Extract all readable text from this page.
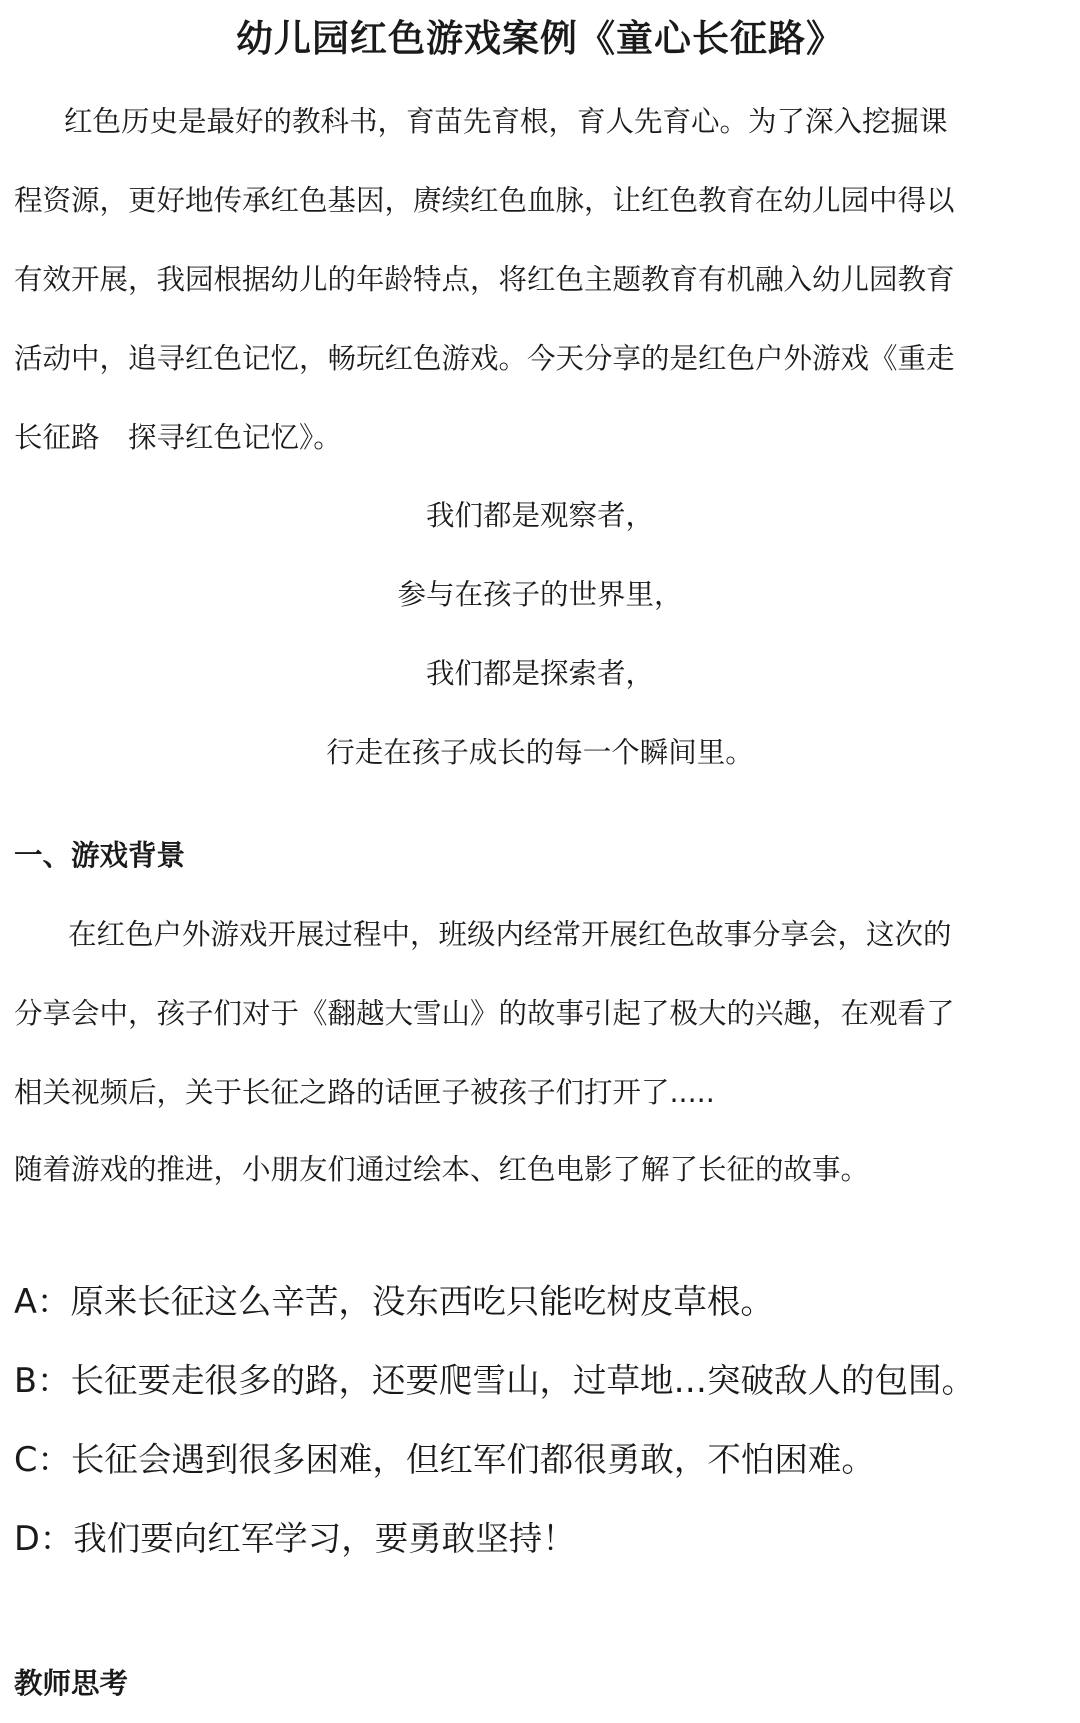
幼儿园红色游戏案例《童心长征路》

红色历史是最好的教科书，育苗先育根，育人先育心。为了深入挖掘课
程资源，更好地传承红色基因，赓续红色血脉，让红色教育在幼儿园中得以
有效开展，我园根据幼儿的年龄特点，将红色主题教育有机融入幼儿园教育
活动中，追寻红色记忆，畅玩红色游戏。今天分享的是红色户外游戏《重走
长征路　探寻红色记忆》。

我们都是观察者，
参与在孩子的世界里，
我们都是探索者，
行走在孩子成长的每一个瞬间里。
一、游戏背景

在红色户外游戏开展过程中，班级内经常开展红色故事分享会，这次的
分享会中，孩子们对于《翻越大雪山》的故事引起了极大的兴趣，在观看了
相关视频后，关于长征之路的话匣子被孩子们打开了.....

随着游戏的推进，小朋友们通过绘本、红色电影了解了长征的故事。

A：原来长征这么辛苦，没东西吃只能吃树皮草根。
B：长征要走很多的路，还要爬雪山，过草地…突破敌人的包围。
C：长征会遇到很多困难，但红军们都很勇敢，不怕困难。
D：我们要向红军学习，要勇敢坚持！
教师思考
